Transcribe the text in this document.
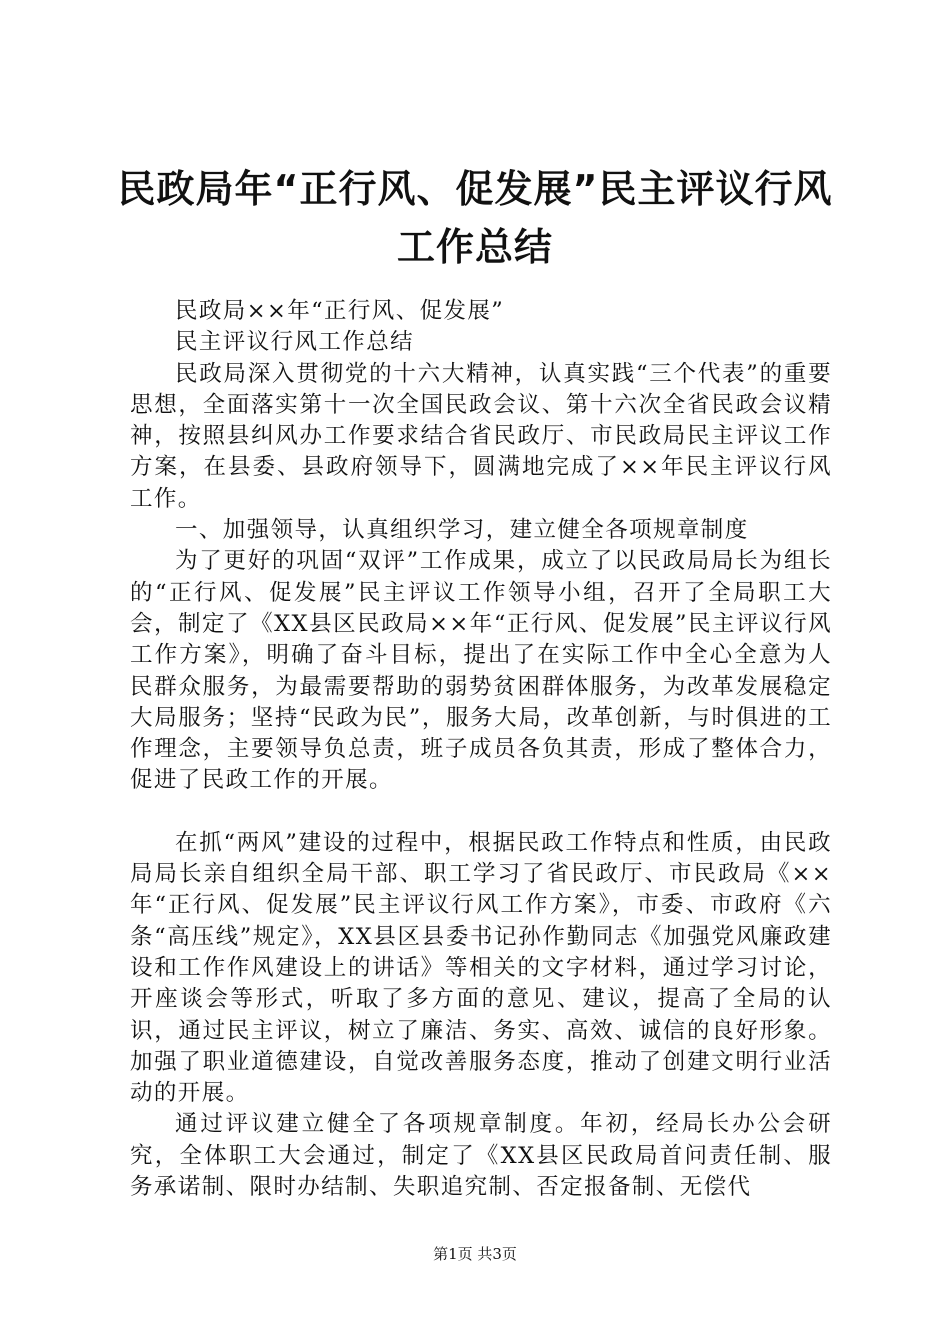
民政局年“正行风、促发展”民主评议行风工作总结

民政局××年“正行风、促发展”

民主评议行风工作总结

民政局深入贯彻党的十六大精神，认真实践“三个代表”的重要思想，全面落实第十一次全国民政会议、第十六次全省民政会议精神，按照县纠风办工作要求结合省民政厅、市民政局民主评议工作方案，在县委、县政府领导下，圆满地完成了××年民主评议行风工作。

一、加强领导，认真组织学习，建立健全各项规章制度

为了更好的巩固“双评”工作成果，成立了以民政局局长为组长的“正行风、促发展”民主评议工作领导小组，召开了全局职工大会，制定了《XX县区民政局××年“正行风、促发展”民主评议行风工作方案》，明确了奋斗目标，提出了在实际工作中全心全意为人民群众服务，为最需要帮助的弱势贫困群体服务，为改革发展稳定大局服务；坚持“民政为民”，服务大局，改革创新，与时俱进的工作理念，主要领导负总责，班子成员各负其责，形成了整体合力，促进了民政工作的开展。

在抓“两风”建设的过程中，根据民政工作特点和性质，由民政局局长亲自组织全局干部、职工学习了省民政厅、市民政局《××年“正行风、促发展”民主评议行风工作方案》，市委、市政府《六条“高压线”规定》，XX县区县委书记孙作勤同志《加强党风廉政建设和工作作风建设上的讲话》等相关的文字材料，通过学习讨论，开座谈会等形式，听取了多方面的意见、建议，提高了全局的认识，通过民主评议，树立了廉洁、务实、高效、诚信的良好形象。加强了职业道德建设，自觉改善服务态度，推动了创建文明行业活动的开展。

通过评议建立健全了各项规章制度。年初，经局长办公会研究，全体职工大会通过，制定了《XX县区民政局首问责任制、服务承诺制、限时办结制、失职追究制、否定报备制、无偿代

第1页 共3页
